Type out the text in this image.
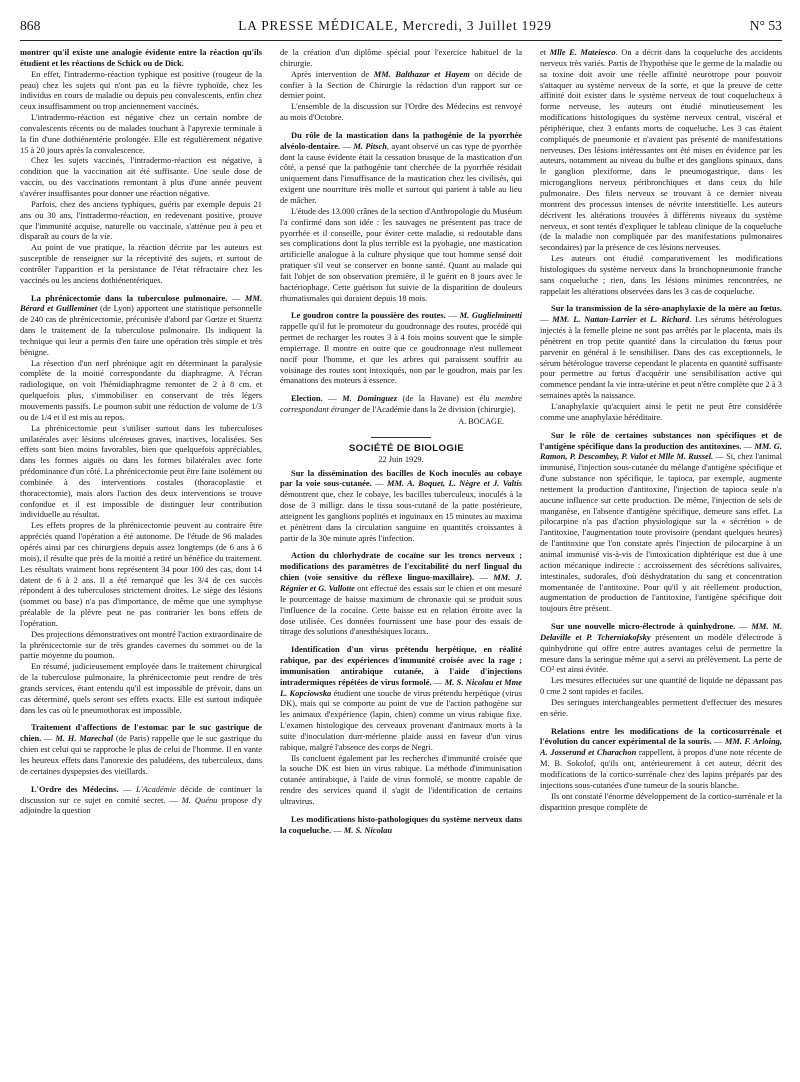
868	LA PRESSE MÉDICALE, Mercredi, 3 Juillet 1929	N° 53

montrer qu'il existe une analogie évidente entre la réaction qu'ils étudient et les réactions de Schick ou de Dick.

En effet, l'intradermo-réaction typhique est positive (rougeur de la peau) chez les sujets qui n'ont pas eu la fièvre typhoïde, chez les individus en cours de maladie ou depuis peu convalescents, enfin chez ceux insuffisamment ou trop anciennement vaccinés.

L'intradermo-réaction est négative chez un certain nombre de convalescents récents ou de malades touchant à l'apyrexie terminale à la fin d'une dothiénentérie prolongée. Elle est régulièrement négative 15 à 20 jours après la convalescence.

Chez les sujets vaccinés, l'intradermo-réaction est négative, à condition que la vaccination ait été suffisante. Une seule dose de vaccin, ou des vaccinations remontant à plus d'une année peuvent s'avérer insuffisantes pour donner une réaction négative.

Parfois, chez des anciens typhiques, guéris par exemple depuis 21 ans ou 30 ans, l'intradermo-réaction, en redevenant positive, prouve que l'immunité acquise, naturelle ou vaccinale, s'atténue peu à peu et disparaît au cours de la vie.

Au point de vue pratique, la réaction décrite par les auteurs est susceptible de renseigner sur la réceptivité des sujets, et surtout de contrôler l'apparition et la persistance de l'état réfractaire chez les vaccinés ou les anciens dothiénentériques.

La phrénicectomie dans la tuberculose pulmonaire. — MM. Bérard et Guilleminet (de Lyon) apportent une statistique personnelle de 240 cas de phrénicectomie, préconisée d'abord par Gœtze et Stuertz dans le traitement de la tuberculose pulmonaire. Ils indiquent la technique qui leur a permis d'en faire une opération très simple et très bénigne.

La résection d'un nerf phrénique agit en déterminant la paralysie complète de la moitié correspondante du diaphragme. A l'écran radiologique, on voit l'hémidiaphragme remonter de 2 à 8 cm. et quelquefois plus, s'immobiliser en conservant de très légers mouvements passifs. Le poumon subit une réduction de volume de 1/3 ou de 1/4 et il est mis au repos.

La phrénicectomie peut s'utiliser surtout dans les tuberculoses unilatérales avec lésions ulcéreuses graves, inactives, localisées. Ses effets sont bien moins favorables, bien que quelquefois appréciables, dans les formes aiguës ou dans les formes bilatérales avec forte prédominance d'un côté. La phrénicectomie peut être faite isolément ou combinée à des interventions costales (thoracoplastie et thoracectomie), mais alors l'action des deux interventions se trouve confondue et il est impossible de distinguer leur contribution individuelle au résultat.

Les effets propres de la phrénicectomie peuvent au contraire être appréciés quand l'opération a été autonome. De l'étude de 96 malades opérés ainsi par ces chirurgiens depuis assez longtemps (de 6 ans à 6 mois), il résulte que près de la moitié a retiré un bénéfice du traitement. Les résultats vraiment bons représentent 34 pour 100 des cas, dont 14 datent de 6 à 2 ans. Il a été remarqué que les 3/4 de ces succès répondent à des tuberculoses strictement droites. Le siège des lésions (sommet ou base) n'a pas d'importance, de même que une symphyse préalable de la plèvre peut ne pas contrarier les bons effets de l'opération.

Des projections démonstratives ont montré l'action extraordinaire de la phrénicectomie sur de très grandes cavernes du sommet ou de la partie moyenne du poumon.

En résumé, judicieusement employée dans le traitement chirurgical de la tuberculose pulmonaire, la phrénicectomie peut rendre de très grands services, étant entendu qu'il est impossible de prévoir, dans un cas déterminé, quels seront ses effets exacts. Elle est surtout indiquée dans les cas où le pneumothorax est impossible.

Traitement d'affections de l'estomac par le suc gastrique de chien. — M. H. Marechal (de Paris) rappelle que le suc gastrique du chien est celui qui se rapproche le plus de celui de l'homme. Il en vante les heureux effets dans l'anorexie des paludéens, des tuberculeux, dans de certaines dyspepsies des vieillards.

L'Ordre des Médecins. — L'Académie décide de continuer la discussion sur ce sujet en comité secret. — M. Quénu propose d'y adjoindre la question

de la création d'un diplôme spécial pour l'exercice habituel de la chirurgie.

Après intervention de MM. Balthazar et Hayem on décide de confier à la Section de Chirurgie la rédaction d'un rapport sur ce dernier point.

L'ensemble de la discussion sur l'Ordre des Médecins est renvoyé au mois d'Octobre.

Du rôle de la mastication dans la pathogénie de la pyorrhée alvéolo-dentaire. — M. Pitsch, ayant observé un cas type de pyorrhée dont la cause évidente était la cessation brusque de la mastication d'un côté, a pensé que la pathogénie tant cherchée de la pyorrhée résidait uniquement dans l'insuffisance de la mastication chez les civilisés, qui exigent une nourriture très molle et surtout qui parient à table au lieu de mâcher.

L'étude des 13.000 crânes de la section d'Anthropologie du Muséum l'a confirmé dans son idée : les sauvages ne présentent pas trace de pyorrhée et il conseille, pour éviter cette maladie, si redoutable dans ses complications dont la plus terrible est la pyohagie, une mastication artificielle analogue à la culture physique que tout homme sensé doit pratiquer s'il veut se conserver en bonne santé. Quant au malade qui fait l'objet de son observation première, il le guérit en 8 jours avec le bactériophage. Cette guérison fut suivie de la disparition de douleurs rhumatismales qui duraient depuis 18 mois.

Le goudron contre la poussière des routes. — M. Guglielminetti rappelle qu'il fut le promoteur du goudronnage des routes, procédé qui permet de recharger les routes 3 à 4 fois moins souvent que le simple empierrage. Il montre en outre que ce goudronnage n'est nullement nocif pour l'homme, et que les arbres qui paraissent souffrir au voisinage des routes sont intoxiqués, non par le goudron, mais par les émanations des moteurs à essence.

Election. — M. Dominguez (de la Havane) est élu membre correspondant étranger de l'Académie dans la 2e division (chirurgie).

A. BOCAGE.

SOCIÉTÉ DE BIOLOGIE

22 Juin 1929.

Sur la dissémination des bacilles de Koch inoculés au cobaye par la voie sous-cutanée. — MM. A. Boquet, L. Nègre et J. Valtis démontrent que, chez le cobaye, les bacilles tuberculeux, inoculés à la dose de 3 milligr. dans le tissu sous-cutané de la patte postérieure, atteignent les ganglions poplités et inguinaux en 15 minutes au maxima et pénètrent dans la circulation sanguine en quantités croissantes à partir de la 30e minute après l'infection.

Action du chlorhydrate de cocaïne sur les troncs nerveux ; modifications des paramètres de l'excitabilité du nerf lingual du chien (voie sensitive du réflexe linguo-maxillaire). — MM. J. Régnier et G. Vallotte ont effectué des essais sur le chien et ont mesuré le pourcentage de baisse maximum de chronaxie qui se produit sous l'influence de la cocaïne. Cette baisse est en relation étroite avec la dose utilisée. Ces données fournissent une base pour des essais de titrage des solutions d'anesthésiques locaux.

Identification d'un virus prétendu herpétique, en réalité rabique, par des expériences d'immunité croisée avec la rage ; immunisation antirabique cutanée, à l'aide d'injections intradermiques répétées de virus formolé. — M. S. Nicolau et Mme L. Kopciowska étudient une souche de virus prétendu herpétique (virus DK), mais qui se comporte au point de vue de l'action pathogène sur les animaux d'expérience (lapin, chien) comme un virus rabique fixe. L'examen histologique des cerveaux provenant d'animaux morts à la suite d'inoculation durr-mérienne plaide aussi en faveur d'un virus rabique, malgré l'absence des corps de Negri.

Ils concluent également par les recherches d'immunité croisée que la souche DK est bien un virus rabique. La méthode d'immunisation cutanée antirabique, à l'aide de virus formolé, se montre capable de rendre des services quand il s'agit de l'identification de certains ultravirus.

Les modifications histo-pathologiques du système nerveux dans la coqueluche. — M. S. Nicolau

et Mlle E. Mateiesco. On a décrit dans la coqueluche des accidents nerveux très variés. Partis de l'hypothèse que le germe de la maladie ou sa toxine doit avoir une réelle affinité neurotrope pour pouvoir s'attaquer au système nerveux de la sorte, et que la preuve de cette affinité doit exister dans le système nerveux de tout coquelucheux à forme nerveuse, les auteurs ont étudié minutieusement les modifications histologiques du système nerveux central, viscéral et périphérique, chez 3 enfants morts de coqueluche. Les 3 cas étaient compliqués de pneumonie et n'avaient pas présenté de manifestations nerveuses. Des lésions intéressantes ont été mises en évidence par les auteurs, notamment au niveau du bulbe et des ganglions spinaux, dans le ganglion plexiforme, dans le pneumogastrique, dans les microganglions nerveux péribronchiques et dans ceux du hile pulmonaire. Des filets nerveux se trouvant à ce dernier niveau montrent des processus intenses de névrite interstitielle. Les auteurs décrivent les altérations trouvées à différents niveaux du système nerveux, et sont tentés d'expliquer le tableau clinique de la coqueluche (de la maladie non compliquée par des manifestations pulmonaires secondaires) par la présence de ces lésions nerveuses.

Les auteurs ont étudié comparativement les modifications histologiques du système nerveux dans la bronchopneumonie franche sans coqueluche ; rien, dans les lésions minimes rencontrées, ne rappelait les altérations observées dans les 3 cas de coqueluche.

Sur la transmission de la séro-anaphylaxie de la mère au fœtus. — MM. L. Nattan-Larrier et L. Richard. Les sérums hétérologues injectés à la femelle pleine ne sont pas arrêtés par le placenta, mais ils pénètrent en trop petite quantité dans la circulation du fœtus pour parvenir en général à le sensibiliser. Dans des cas exceptionnels, le sérum hétérologue traverse cependant le placenta en quantité suffisante pour permettre au fœtus d'acquérir une sensibilisation active qui commence pendant la vie intra-utérine et peut n'être complète que 2 à 3 semaines après la naissance.

L'anaphylaxie qu'acquiert ainsi le petit ne peut être considérée comme une anaphylaxie héréditaire.

Sur le rôle de certaines substances non spécifiques et de l'antigène spécifique dans la production des antitoxines. — MM. G. Ramon, P. Descombey, P. Valot et Mlle M. Russel. — Si, chez l'animal immunisé, l'injection sous-cutanée du mélange d'antigène spécifique et d'une substance non spécifique, le tapioca, par exemple, augmente nettement la production d'antitoxine, l'injection de tapioca seule n'a aucune influence sur cette production. De même, l'injection de sels de manganèse, en l'absence d'antigène spécifique, demeure sans effet. La pilocarpine n'a pas d'action physiologique sur la « sécrétion » de l'antitoxine, l'augmentation toute provisoire (pendant quelques heures) de l'antitoxine que l'on constate après l'injection de pilocarpine à un animal immunisé vis-à-vis de l'intoxication diphtérique est due à une action mécanique indirecte : accroissement des sécrétions salivaires, intestinales, sudorales, d'où déshydratation du sang et concentration momentanée de l'antitoxine. Pour qu'il y ait réellement production, augmentation de production de l'antitoxine, l'antigène spécifique doit toujours être présent.

Sur une nouvelle micro-électrode à quinhydrone. — MM. M. Delaville et P. Tcherniakofsky présentent un modèle d'électrode à quinhydrone qui offre entre autres avantages celui de permettre la mesure dans la seringue même qui a servi au prélèvement. La perte de CO² est ainsi évitée.

Les mesures effectuées sur une quantité de liquide ne dépassant pas 0 cme 2 sont rapides et faciles.

Des seringues interchangeables permettent d'effectuer des mesures en série.

Relations entre les modifications de la corticosurrénale et l'évolution du cancer expérimental de la souris. — MM. F. Arloing, A. Josserand et Charachon rappellent, à propos d'une note récente de M. B. Sokolof, qu'ils ont, antérieurement à cet auteur, décrit des modifications de la cortico-surrénale chez des lapins préparés par des injections sous-cutanées d'une tumeur de la souris blanche.

Ils ont constaté l'énorme développement de la cortico-surrénale et la disparition presque complète de
